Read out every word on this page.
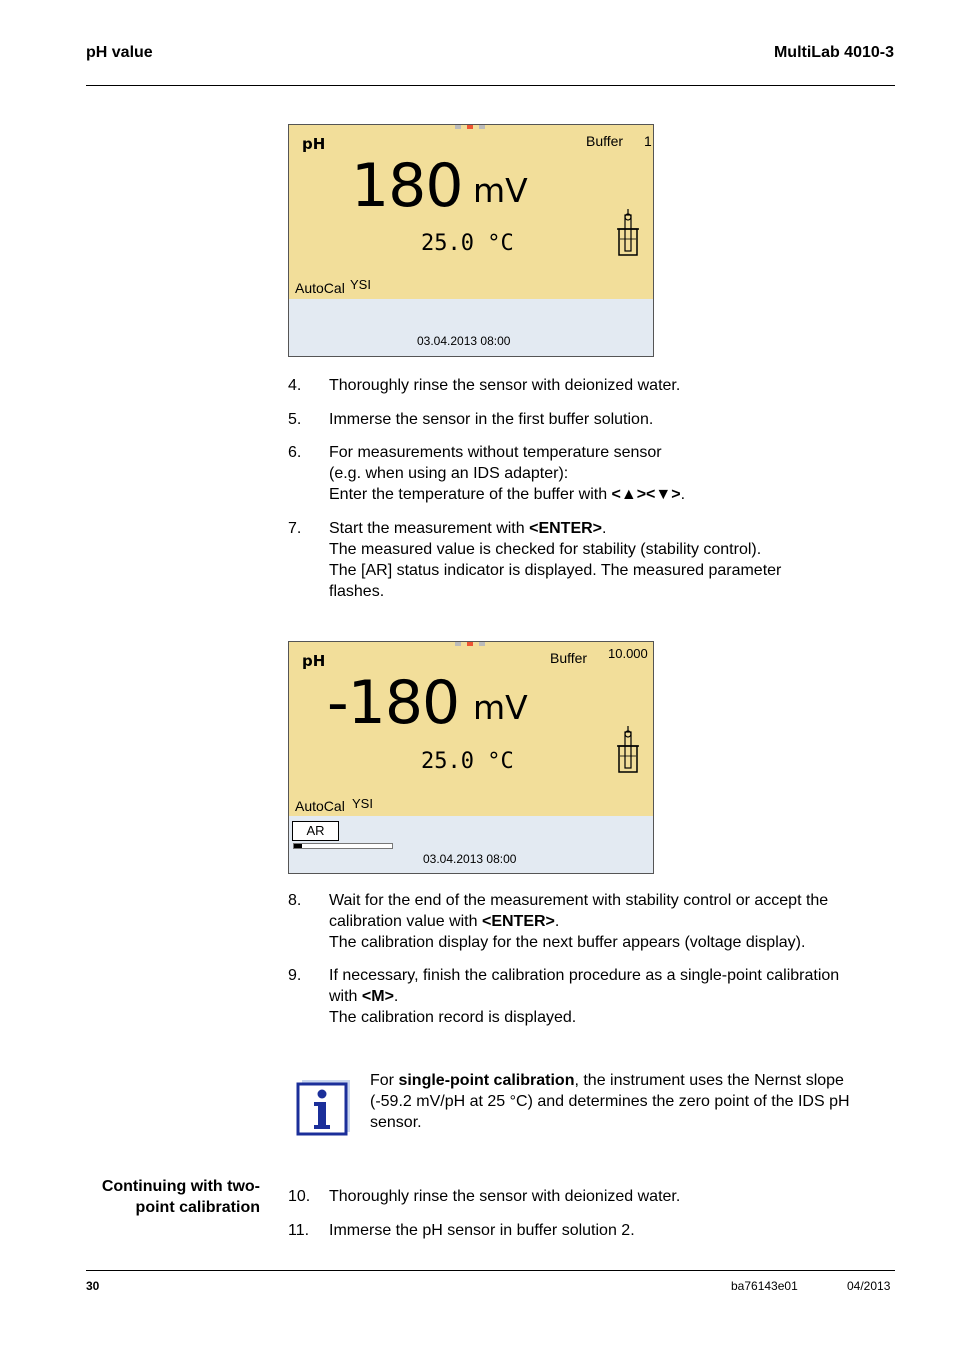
pH value	MultiLab 4010-3
pH	Buffer 1
180 mV
25.0 °C
AutoCal YSI
03.04.2013 08:00
4. Thoroughly rinse the sensor with deionized water.
5. Immerse the sensor in the first buffer solution.
6. For measurements without temperature sensor
(e.g. when using an IDS adapter):
Enter the temperature of the buffer with <▲><▼>.
7. Start the measurement with <ENTER>.
The measured value is checked for stability (stability control).
The [AR] status indicator is displayed. The measured parameter
flashes.
pH	Buffer 10.000
-180 mV
25.0 °C
AutoCal YSI
AR
03.04.2013 08:00
8. Wait for the end of the measurement with stability control or accept the
calibration value with <ENTER>.
The calibration display for the next buffer appears (voltage display).
9. If necessary, finish the calibration procedure as a single-point calibration
with <M>.
The calibration record is displayed.
For single-point calibration, the instrument uses the Nernst slope
(-59.2 mV/pH at 25 °C) and determines the zero point of the IDS pH
sensor.
Continuing with two-
point calibration
10. Thoroughly rinse the sensor with deionized water.
11. Immerse the pH sensor in buffer solution 2.
30	ba76143e01	04/2013
